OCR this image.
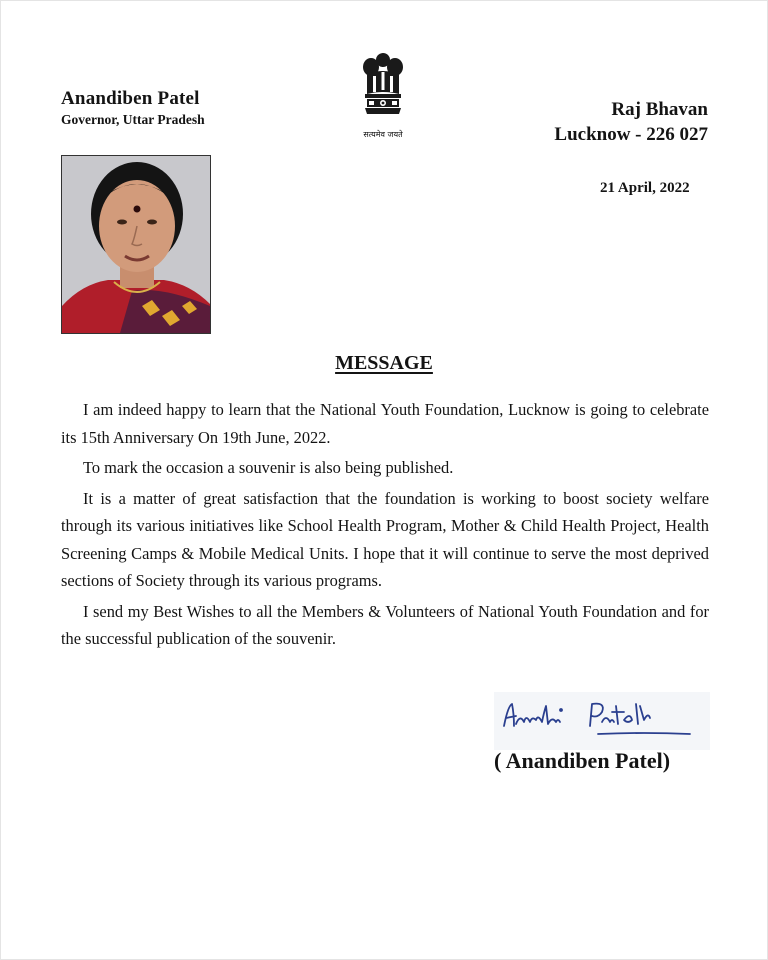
Anandiben Patel
Governor, Uttar Pradesh
सत्यमेव जयते
Raj Bhavan
Lucknow - 226 027
21 April, 2022
MESSAGE

I am indeed happy to learn that the National Youth Foundation, Lucknow is going to celebrate its 15th Anniversary On 19th June, 2022.

To mark the occasion a souvenir is also being published.

It is a matter of great satisfaction that the foundation is working to boost society welfare through its various initiatives like School Health Program, Mother & Child Health Project, Health Screening Camps & Mobile Medical Units. I hope that it will continue to serve the most deprived sections of Society through its various programs.

I send my Best Wishes to all the Members & Volunteers of National Youth Foundation and for the successful publication of the souvenir.

( Anandiben Patel)
